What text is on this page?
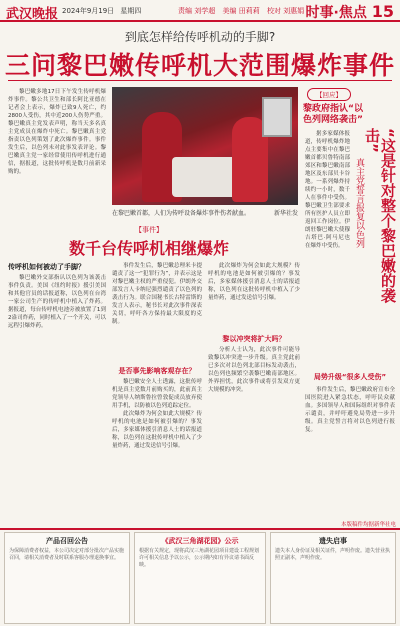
武汉晚报 2024年9月19日 星期四	责编 刘学超 美编 田莉莉 校对 刘惠娟 时事·焦点 15
到底怎样给传呼机动的手脚?
三问黎巴嫩传呼机大范围爆炸事件

黎巴嫩多地17日下午发生传呼机爆炸事件。黎公共卫生和部长阿比亚德在记者会上表示，爆炸已致9人死亡，约2800人受伤，其中近200人伤势严重。黎巴嫩真主党发表声明，称当天多名真主党成员在爆炸中死亡。黎巴嫩真主党指责以色列策划了此次爆炸事件。事件发生后，以色列未对此事发表评论。黎巴嫩真主党一家经常使用传呼机进行通信，据报道，这批传呼机是数月前新采购的。

在黎巴嫩首都，人们为传呼设备爆炸事件伤者献血。	新华社发
【回应】
黎政府指认“以色列网络袭击”

据多家媒体报道，传呼机爆炸地点主要集中在黎巴嫩首都贝鲁特南部郊区和黎巴嫩南部地区及东部贝卡谷地。一系列爆炸持续约一小时，数千人在事件中受伤。黎巴嫩卫生部要求所有医护人员立即返回工作岗位。伊朗驻黎巴嫩大使穆吉塔巴·阿马尼也在爆炸中受伤。	真主党誓言报复以色列	“这是针对整个黎巴嫩的袭击”
【事件】
数千台传呼机相继爆炸
传呼机如何被动了手脚？

黎巴嫩外交部指认以色列为该袭击事件负责。美国《纽约时报》援引美国和其他官员的话报道称，以色列在台湾一家公司生产的传呼机中植入了炸药。据报道，每台传呼机电池旁被放置了1到2盎司炸药，同时植入了一个开关，可以远程引爆炸药。

事件发生后，黎巴嫩总理米卡提谴责了这一“犯罪行为”，并表示这是对黎巴嫩主权的严重侵犯。伊朗外交部发言人卡纳尼强烈谴责了以色列的袭击行为。联合国秘书长古特雷斯的发言人表示，秘书长对此次事件深表关切，呼吁各方保持最大限度的克制。

是否事先影响客观存在？

黎巴嫩安全人士透露，这批传呼机是真主党数月前购买的，此前真主党领导人纳斯鲁拉曾敦促成员放弃使用手机，以防被以色列追踪定位。

此次爆炸为何会如此大规模？传呼机的电池是如何被引爆的？事发后，多家媒体援引消息人士的话报道称，以色列在这批传呼机中植入了少量炸药，通过发送信号引爆。

此次爆炸为何会如此大规模？传呼机的电池是如何被引爆的？事发后，多家媒体援引消息人士的话报道称，以色列在这批传呼机中植入了少量炸药，通过发送信号引爆。

黎以冲突将扩大吗？

分析人士认为，此次事件可能导致黎以冲突进一步升级。真主党此前已多次对以色列北部目标发动袭击，以色列也频繁空袭黎巴嫩南部地区。外界担忧，此次事件或将引发双方更大规模的冲突。

局势升级“很多人受伤”

事件发生后，黎巴嫩政府宣布全国医院进入紧急状态，呼吁民众献血。多国领导人和国际组织对事件表示谴责，并呼吁避免局势进一步升级。真主党誓言将对以色列进行报复。

本版稿件均据新华社电
产品召回公告
为保障消费者权益，本公司决定对部分批次产品实施召回，请相关消费者及时联系客服办理退换事宜。
《武汉三角湖花园》公示
根据有关规定，现将武汉三角湖花园项目建设工程规划许可相关信息予以公示，公示期内如有异议请书面反映。
遗失启事
遗失本人身份证及相关证件，声明作废。遗失营业执照正副本，声明作废。
